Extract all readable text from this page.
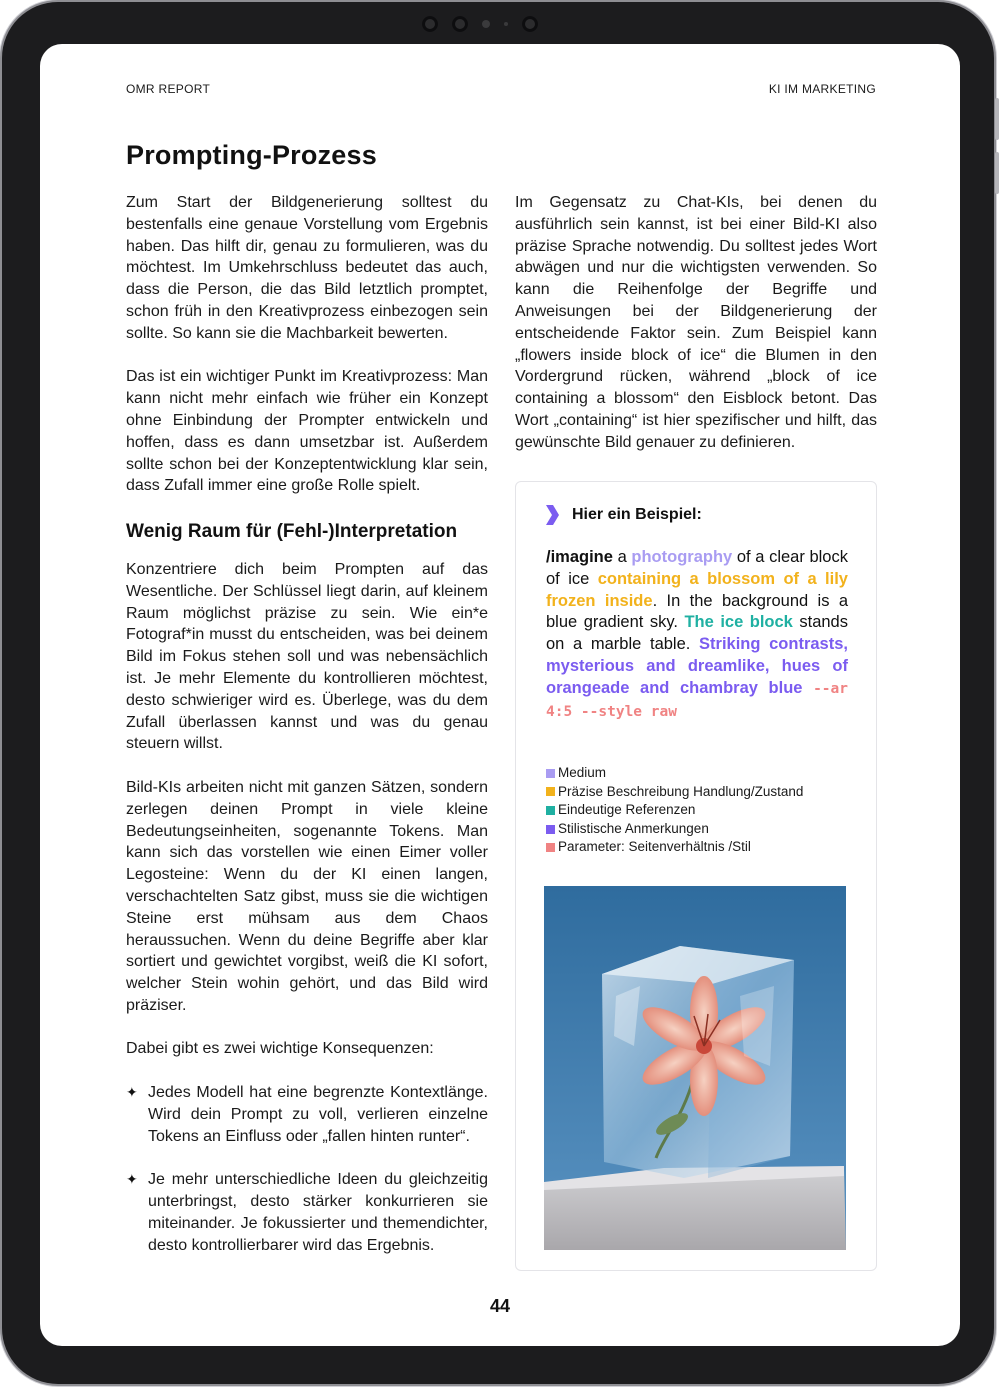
OMR REPORT	KI IM MARKETING
Prompting-Prozess

Zum Start der Bildgenerierung solltest du bestenfalls eine genaue Vorstellung vom Ergebnis haben. Das hilft dir, genau zu formulieren, was du möchtest. Im Umkehrschluss bedeutet das auch, dass die Person, die das Bild letztlich promptet, schon früh in den Kreativprozess einbezogen sein sollte. So kann sie die Machbarkeit bewerten.

Das ist ein wichtiger Punkt im Kreativprozess: Man kann nicht mehr einfach wie früher ein Konzept ohne Einbindung der Prompter entwickeln und hoffen, dass es dann umsetzbar ist. Außerdem sollte schon bei der Konzeptentwicklung klar sein, dass Zufall immer eine große Rolle spielt.

Wenig Raum für (Fehl-)Interpretation

Konzentriere dich beim Prompten auf das Wesentliche. Der Schlüssel liegt darin, auf kleinem Raum möglichst präzise zu sein. Wie ein*e Fotograf*in musst du entscheiden, was bei deinem Bild im Fokus stehen soll und was nebensächlich ist. Je mehr Elemente du kontrollieren möchtest, desto schwieriger wird es. Überlege, was du dem Zufall überlassen kannst und was du genau steuern willst.

Bild-KIs arbeiten nicht mit ganzen Sätzen, sondern zerlegen deinen Prompt in viele kleine Bedeutungseinheiten, sogenannte Tokens. Man kann sich das vorstellen wie einen Eimer voller Legosteine: Wenn du der KI einen langen, verschachtelten Satz gibst, muss sie die wichtigen Steine erst mühsam aus dem Chaos heraussuchen. Wenn du deine Begriffe aber klar sortiert und gewichtet vorgibst, weiß die KI sofort, welcher Stein wohin gehört, und das Bild wird präziser.

Dabei gibt es zwei wichtige Konsequenzen:

✦ Jedes Modell hat eine begrenzte Kontextlänge. Wird dein Prompt zu voll, verlieren einzelne Tokens an Einfluss oder „fallen hinten runter“.
✦ Je mehr unterschiedliche Ideen du gleichzeitig unterbringst, desto stärker konkurrieren sie miteinander. Je fokussierter und themendichter, desto kontrollierbarer wird das Ergebnis.

Im Gegensatz zu Chat-KIs, bei denen du ausführlich sein kannst, ist bei einer Bild-KI also präzise Sprache notwendig. Du solltest jedes Wort abwägen und nur die wichtigsten verwenden. So kann die Reihenfolge der Begriffe und Anweisungen bei der Bildgenerierung der entscheidende Faktor sein. Zum Beispiel kann „flowers inside block of ice“ die Blumen in den Vordergrund rücken, während „block of ice containing a blossom“ den Eisblock betont. Das Wort „containing“ ist hier spezifischer und hilft, das gewünschte Bild genauer zu definieren.

Hier ein Beispiel:
/imagine a photography of a clear block of ice containing a blossom of a lily frozen inside. In the background is a blue gradient sky. The ice block stands on a marble table. Striking contrasts, mysterious and dreamlike, hues of orangeade and chambray blue --ar 4:5 --style raw
Medium
Präzise Beschreibung Handlung/Zustand
Eindeutige Referenzen
Stilistische Anmerkungen
Parameter: Seitenverhältnis /Stil
44
